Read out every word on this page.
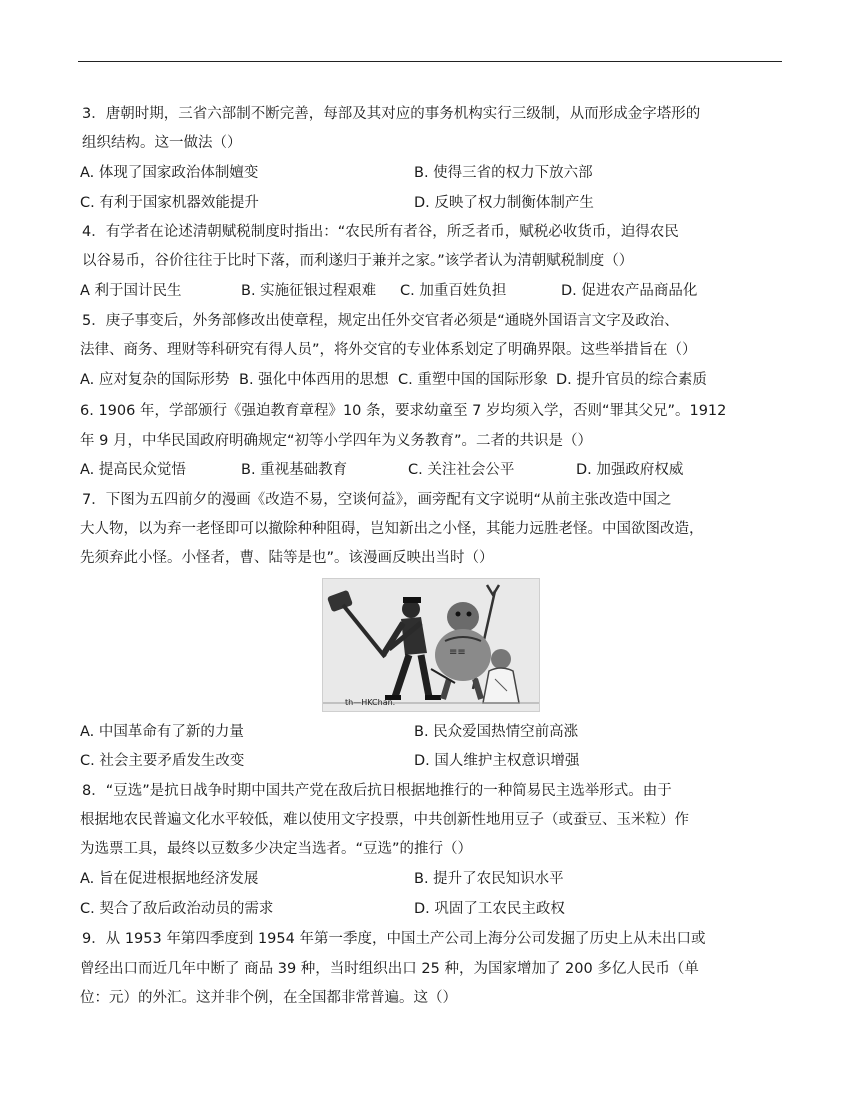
3．唐朝时期，三省六部制不断完善，每部及其对应的事务机构实行三级制，从而形成金字塔形的
组织结构。这一做法（）
A. 体现了国家政治体制嬗变	B. 使得三省的权力下放六部
C. 有利于国家机器效能提升	D. 反映了权力制衡体制产生
4．有学者在论述清朝赋税制度时指出：“农民所有者谷，所乏者币，赋税必收货币，迫得农民
以谷易币，谷价往往于比时下落，而利遂归于兼并之家。”该学者认为清朝赋税制度（）
A 利于国计民生	B. 实施征银过程艰难 C. 加重百姓负担	D. 促进农产品商品化
5．庚子事变后，外务部修改出使章程，规定出任外交官者必须是“通晓外国语言文字及政治、
法律、商务、理财等科研究有得人员”，将外交官的专业体系划定了明确界限。这些举措旨在（）
A. 应对复杂的国际形势 B. 强化中体西用的思想 C. 重塑中国的国际形象 D. 提升官员的综合素质
6. 1906 年，学部颁行《强迫教育章程》10 条，要求幼童至 7 岁均须入学，否则“罪其父兄”。1912
年 9 月，中华民国政府明确规定“初等小学四年为义务教育”。二者的共识是（）
A. 提高民众觉悟	B. 重视基础教育	C. 关注社会公平	D. 加强政府权威
7．下图为五四前夕的漫画《改造不易，空谈何益》，画旁配有文字说明“从前主张改造中国之
大人物，以为弃一老怪即可以撤除种种阻碍，岂知新出之小怪，其能力远胜老怪。中国欲图改造，
先须弃此小怪。小怪者，曹、陆等是也”。该漫画反映出当时（）
≡≡
th—HKChan.
A. 中国革命有了新的力量	B. 民众爱国热情空前高涨
C. 社会主要矛盾发生改变	D. 国人维护主权意识增强
8．“豆选”是抗日战争时期中国共产党在敌后抗日根据地推行的一种简易民主选举形式。由于
根据地农民普遍文化水平较低，难以使用文字投票，中共创新性地用豆子（或蚕豆、玉米粒）作
为选票工具，最终以豆数多少决定当选者。“豆选”的推行（）
A. 旨在促进根据地经济发展	B. 提升了农民知识水平
C. 契合了敌后政治动员的需求	D. 巩固了工农民主政权
9．从 1953 年第四季度到 1954 年第一季度，中国土产公司上海分公司发掘了历史上从未出口或
曾经出口而近几年中断了 商品 39 种，当时组织出口 25 种，为国家增加了 200 多亿人民币（单
位：元）的外汇。这并非个例，在全国都非常普遍。这（）
